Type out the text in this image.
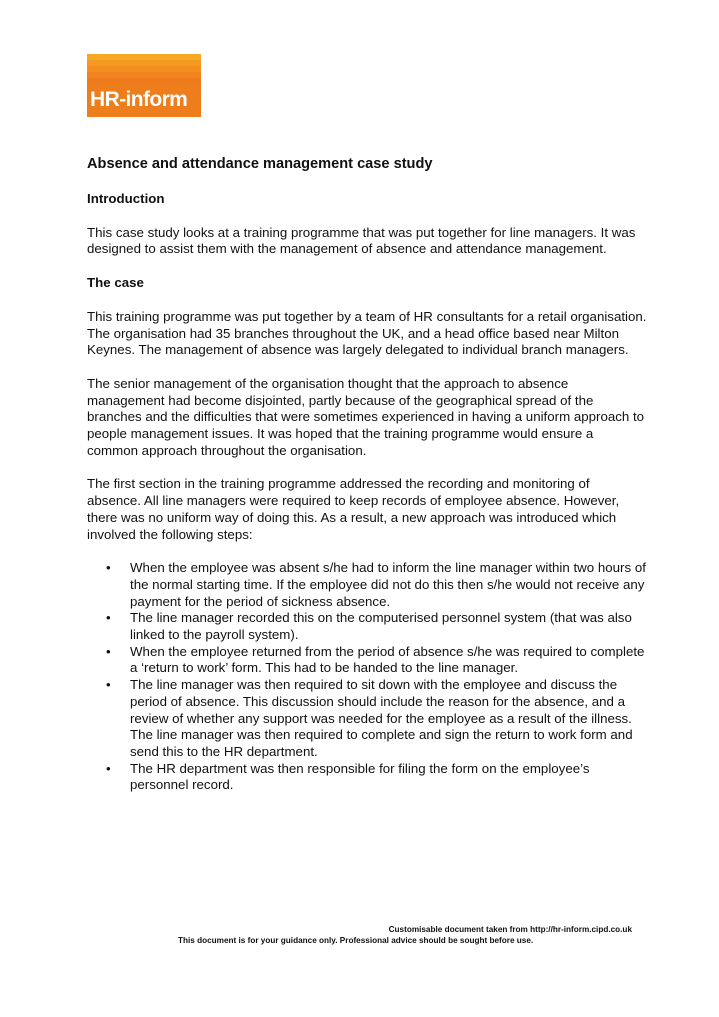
HR-inform
Absence and attendance management case study
Introduction

This case study looks at a training programme that was put together for line managers. It was designed to assist them with the management of absence and attendance management.

The case

This training programme was put together by a team of HR consultants for a retail organisation. The organisation had 35 branches throughout the UK, and a head office based near Milton Keynes. The management of absence was largely delegated to individual branch managers.

The senior management of the organisation thought that the approach to absence management had become disjointed, partly because of the geographical spread of the branches and the difficulties that were sometimes experienced in having a uniform approach to people management issues. It was hoped that the training programme would ensure a common approach throughout the organisation.

The first section in the training programme addressed the recording and monitoring of absence. All line managers were required to keep records of employee absence. However, there was no uniform way of doing this. As a result, a new approach was introduced which involved the following steps:

• When the employee was absent s/he had to inform the line manager within two hours of the normal starting time. If the employee did not do this then s/he would not receive any payment for the period of sickness absence.
• The line manager recorded this on the computerised personnel system (that was also linked to the payroll system).
• When the employee returned from the period of absence s/he was required to complete a ‘return to work’ form. This had to be handed to the line manager.
• The line manager was then required to sit down with the employee and discuss the period of absence. This discussion should include the reason for the absence, and a review of whether any support was needed for the employee as a result of the illness. The line manager was then required to complete and sign the return to work form and send this to the HR department.
• The HR department was then responsible for filing the form on the employee’s personnel record.
Customisable document taken from http://hr-inform.cipd.co.uk
This document is for your guidance only. Professional advice should be sought before use.
